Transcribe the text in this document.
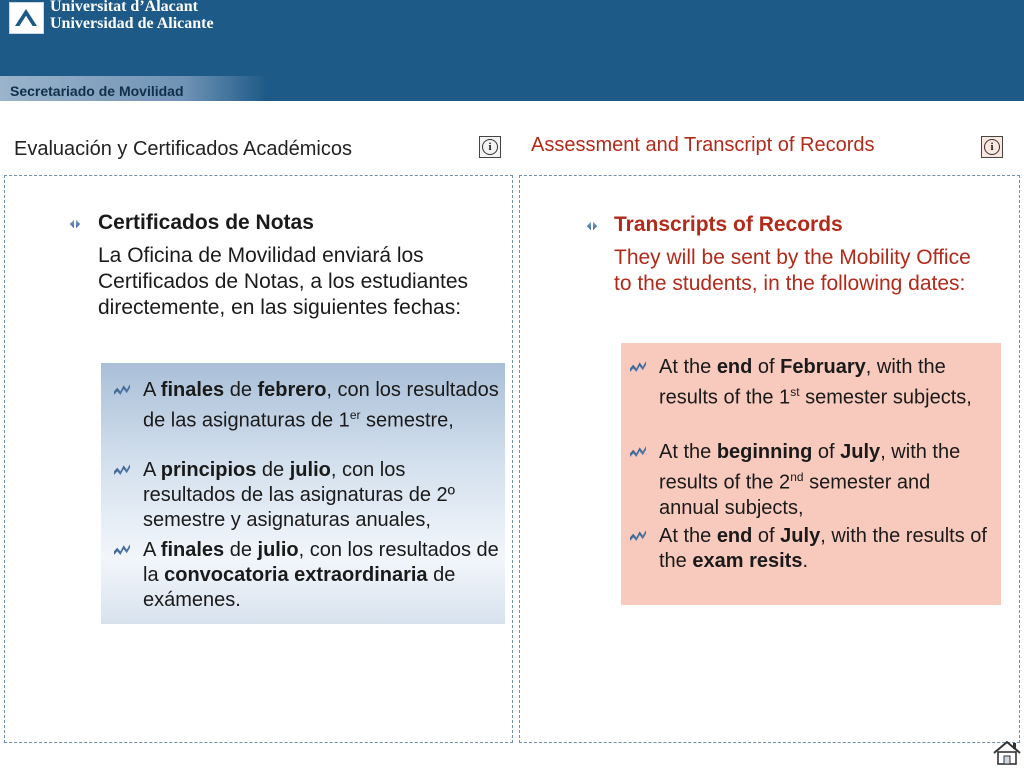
Universitat d’Alacant
Universidad de Alicante
Secretariado de Movilidad
Evaluación y Certificados Académicos	i	Assessment and Transcript of Records	i
Certificados de Notas
La Oficina de Movilidad enviará los Certificados de Notas, a los estudiantes directemente, en las siguientes fechas:
A finales de febrero, con los resultados de las asignaturas de 1er semestre,
A principios de julio, con los resultados de las asignaturas de 2º semestre y asignaturas anuales,
A finales de julio, con los resultados de la convocatoria extraordinaria de exámenes.
Transcripts of Records
They will be sent by the Mobility Office to the students, in the following dates:
At the end of February, with the results of the 1st semester subjects,
At the beginning of July, with the results of the 2nd semester and annual subjects,
At the end of July, with the results of the exam resits.
